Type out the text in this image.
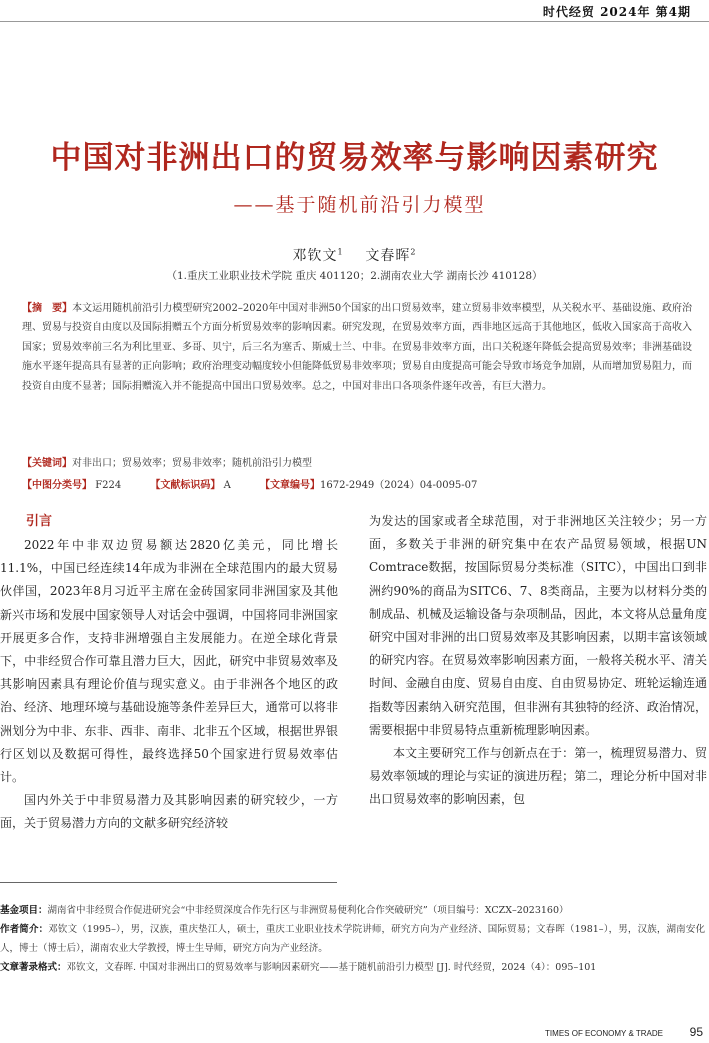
时代经贸 2024年 第4期
中国对非洲出口的贸易效率与影响因素研究
——基于随机前沿引力模型
邓钦文$^1$ 文春晖$^2$
（1.重庆工业职业技术学院 重庆 401120；2.湖南农业大学 湖南长沙 410128）
【摘　要】本文运用随机前沿引力模型研究2002–2020年中国对非洲50个国家的出口贸易效率，建立贸易非效率模型，从关税水平、基础设施、政府治理、贸易与投资自由度以及国际捐赠五个方面分析贸易效率的影响因素。研究发现，在贸易效率方面，西非地区远高于其他地区，低收入国家高于高收入国家；贸易效率前三名为利比里亚、多哥、贝宁，后三名为塞舌、斯威士兰、中非。在贸易非效率方面，出口关税逐年降低会提高贸易效率；非洲基础设施水平逐年提高具有显著的正向影响；政府治理变动幅度较小但能降低贸易非效率项；贸易自由度提高可能会导致市场竞争加剧，从而增加贸易阻力，而投资自由度不显著；国际捐赠流入并不能提高中国出口贸易效率。总之，中国对非出口各项条件逐年改善，有巨大潜力。
【关键词】对非出口；贸易效率；贸易非效率；随机前沿引力模型
【中图分类号】 F224	【文献标识码】 A	【文章编号】1672-2949（2024）04-0095-07
引言

2022年中非双边贸易额达2820亿美元，同比增长11.1%，中国已经连续14年成为非洲在全球范围内的最大贸易伙伴国，2023年8月习近平主席在金砖国家同非洲国家及其他新兴市场和发展中国家领导人对话会中强调，中国将同非洲国家开展更多合作，支持非洲增强自主发展能力。在逆全球化背景下，中非经贸合作可靠且潜力巨大，因此，研究中非贸易效率及其影响因素具有理论价值与现实意义。由于非洲各个地区的政治、经济、地理环境与基础设施等条件差异巨大，通常可以将非洲划分为中非、东非、西非、南非、北非五个区域，根据世界银行区划以及数据可得性，最终选择50个国家进行贸易效率估计。

国内外关于中非贸易潜力及其影响因素的研究较少，一方面，关于贸易潜力方向的文献多研究经济较

为发达的国家或者全球范围，对于非洲地区关注较少；另一方面，多数关于非洲的研究集中在农产品贸易领域，根据UN Comtrace数据，按国际贸易分类标准（SITC），中国出口到非洲约90%的商品为SITC6、7、8类商品，主要为以材料分类的制成品、机械及运输设备与杂项制品，因此，本文将从总量角度研究中国对非洲的出口贸易效率及其影响因素，以期丰富该领域的研究内容。在贸易效率影响因素方面，一般将关税水平、清关时间、金融自由度、贸易自由度、自由贸易协定、班轮运输连通指数等因素纳入研究范围，但非洲有其独特的经济、政治情况，需要根据中非贸易特点重新梳理影响因素。

本文主要研究工作与创新点在于：第一，梳理贸易潜力、贸易效率领域的理论与实证的演进历程；第二，理论分析中国对非出口贸易效率的影响因素，包

基金项目：湖南省中非经贸合作促进研究会“中非经贸深度合作先行区与非洲贸易便利化合作突破研究”（项目编号：XCZX–2023160）
作者简介：邓钦文（1995–），男，汉族，重庆垫江人，硕士，重庆工业职业技术学院讲师，研究方向为产业经济、国际贸易；文春晖（1981–），男，汉族，湖南安化人，博士（博士后），湖南农业大学教授，博士生导师，研究方向为产业经济。
文章著录格式：邓钦文，文春晖. 中国对非洲出口的贸易效率与影响因素研究——基于随机前沿引力模型 [J]. 时代经贸，2024（4）：095–101
TIMES OF ECONOMY & TRADE 95
